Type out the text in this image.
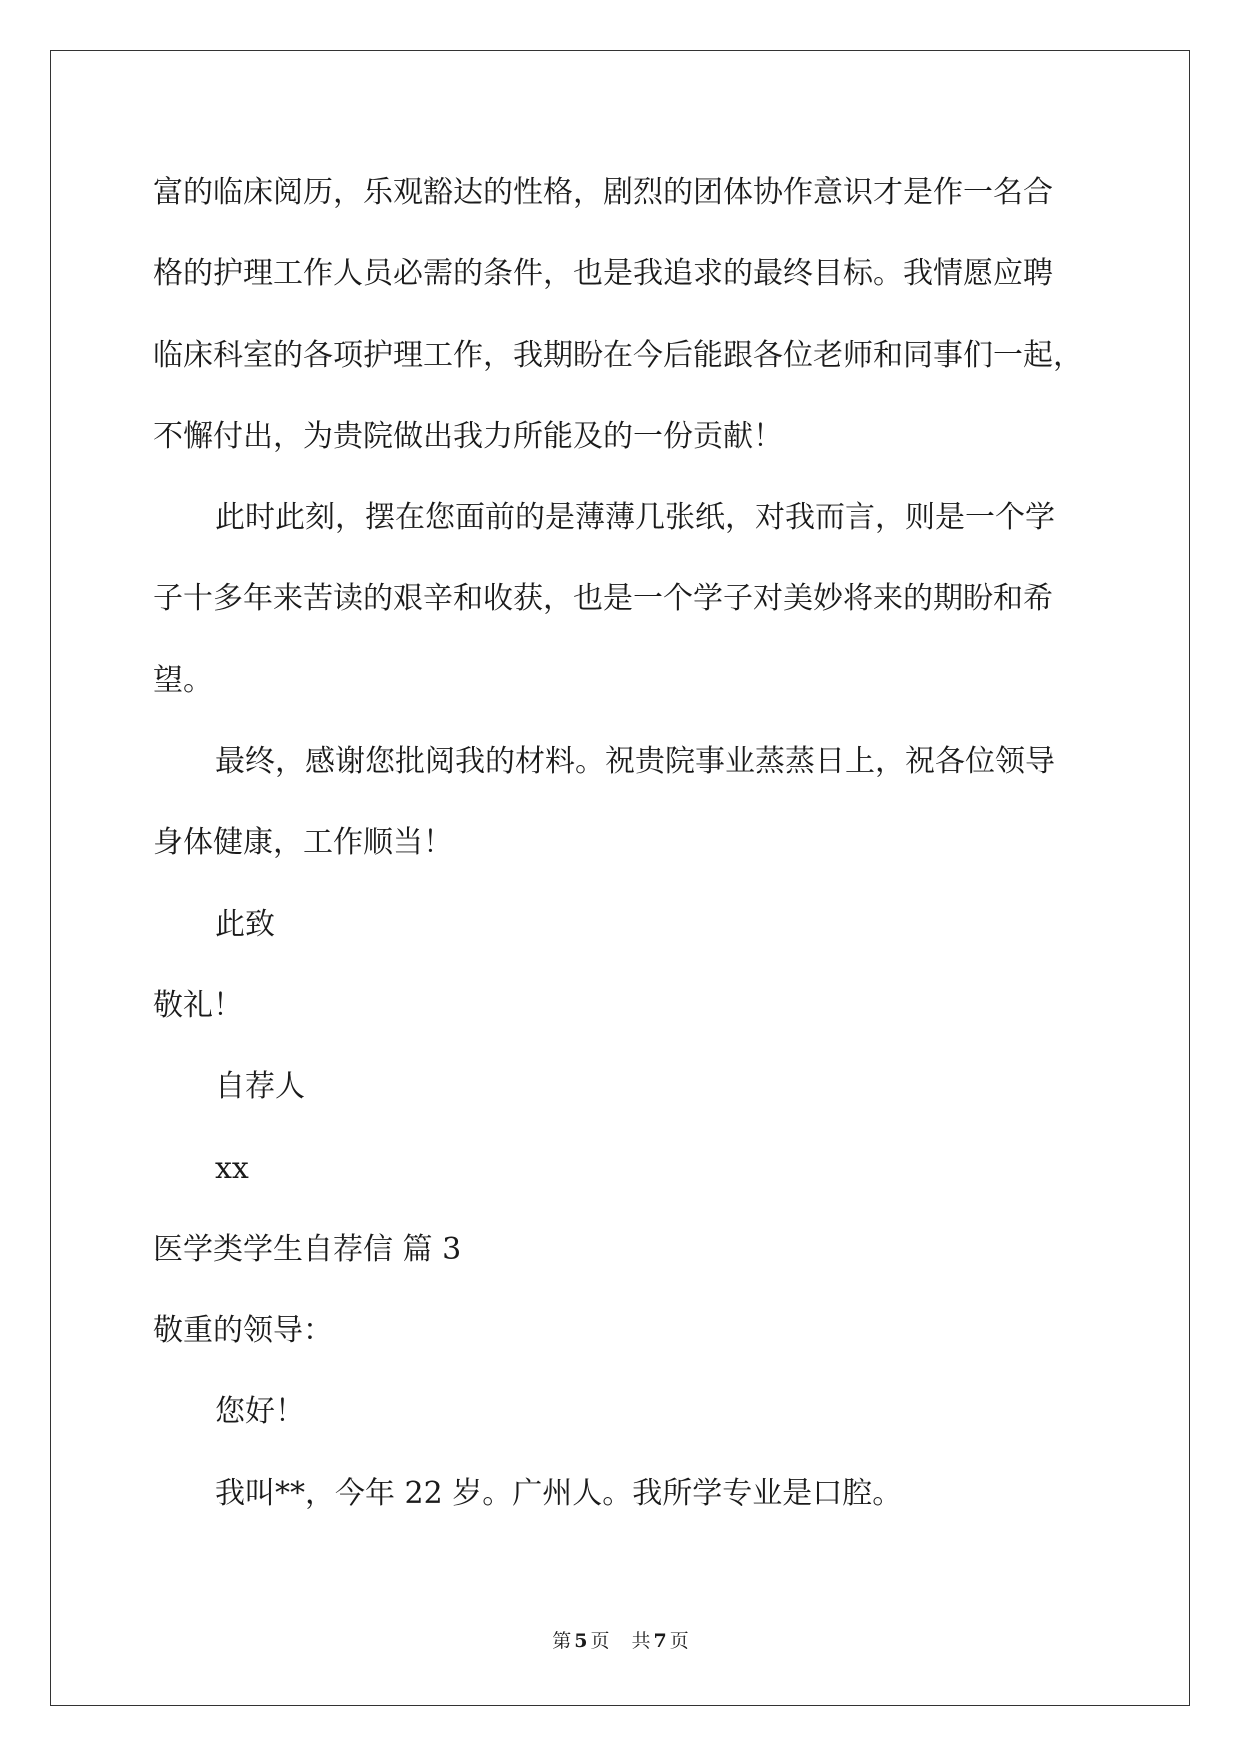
富的临床阅历，乐观豁达的性格，剧烈的团体协作意识才是作一名合
格的护理工作人员必需的条件，也是我追求的最终目标。我情愿应聘
临床科室的各项护理工作，我期盼在今后能跟各位老师和同事们一起，
不懈付出，为贵院做出我力所能及的一份贡献！
此时此刻，摆在您面前的是薄薄几张纸，对我而言，则是一个学
子十多年来苦读的艰辛和收获，也是一个学子对美妙将来的期盼和希
望。
最终，感谢您批阅我的材料。祝贵院事业蒸蒸日上，祝各位领导
身体健康，工作顺当！
此致
敬礼！
自荐人
xx
医学类学生自荐信 篇 3
敬重的领导：
您好！
我叫**，今年 22 岁。广州人。我所学专业是口腔。
第 5 页 共 7 页
